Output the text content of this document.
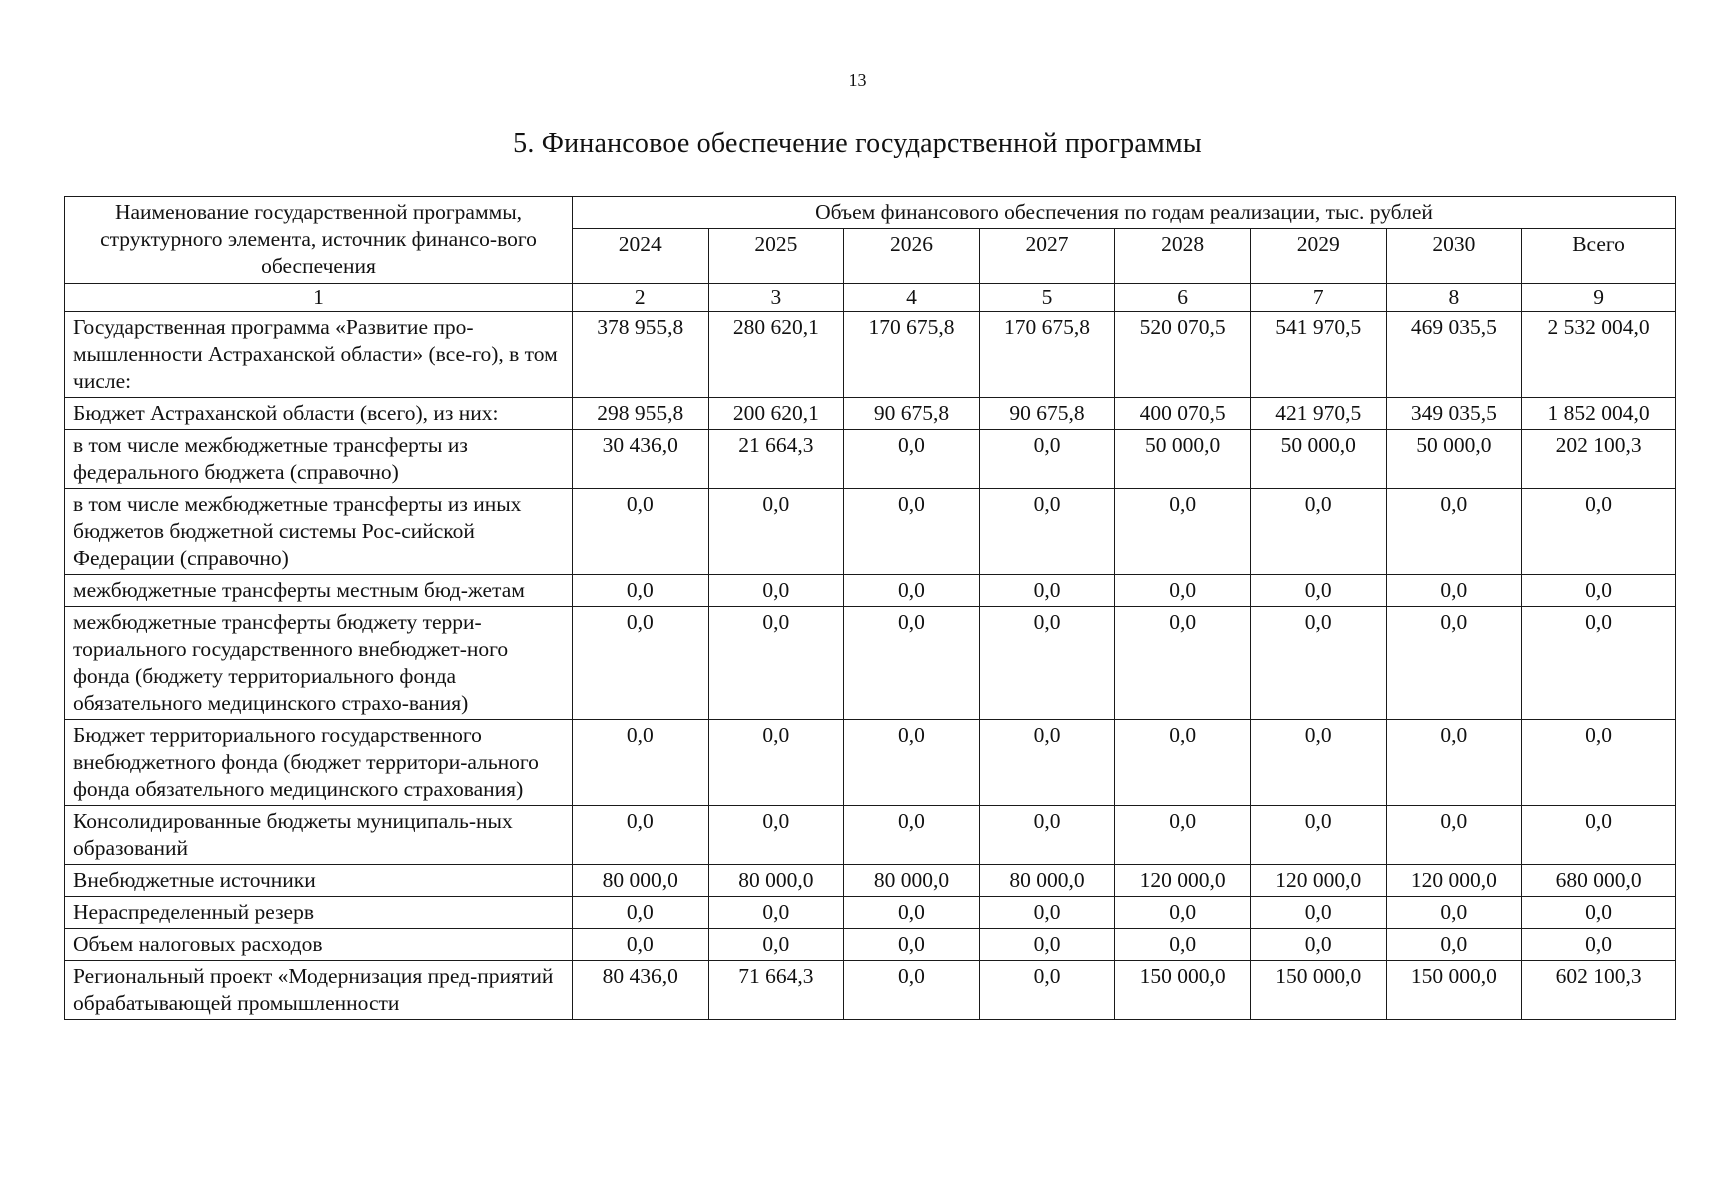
13
5. Финансовое обеспечение государственной программы
Наименование государственной программы, структурного элемента, источник финансо-вого обеспечения	Объем финансового обеспечения по годам реализации, тыс. рублей							
	2024	2025	2026	2027	2028	2029	2030	Всего
1	2	3	4	5	6	7	8	9
Государственная программа «Развитие про-мышленности Астраханской области» (все-го), в том числе:	378 955,8	280 620,1	170 675,8	170 675,8	520 070,5	541 970,5	469 035,5	2 532 004,0
Бюджет Астраханской области (всего), из них:	298 955,8	200 620,1	90 675,8	90 675,8	400 070,5	421 970,5	349 035,5	1 852 004,0
в том числе межбюджетные трансферты из федерального бюджета (справочно)	30 436,0	21 664,3	0,0	0,0	50 000,0	50 000,0	50 000,0	202 100,3
в том числе межбюджетные трансферты из иных бюджетов бюджетной системы Рос-сийской Федерации (справочно)	0,0	0,0	0,0	0,0	0,0	0,0	0,0	0,0
межбюджетные трансферты местным бюд-жетам	0,0	0,0	0,0	0,0	0,0	0,0	0,0	0,0
межбюджетные трансферты бюджету терри-ториального государственного внебюджет-ного фонда (бюджету территориального фонда обязательного медицинского страхо-вания)	0,0	0,0	0,0	0,0	0,0	0,0	0,0	0,0
Бюджет территориального государственного внебюджетного фонда (бюджет территори-ального фонда обязательного медицинского страхования)	0,0	0,0	0,0	0,0	0,0	0,0	0,0	0,0
Консолидированные бюджеты муниципаль-ных образований	0,0	0,0	0,0	0,0	0,0	0,0	0,0	0,0
Внебюджетные источники	80 000,0	80 000,0	80 000,0	80 000,0	120 000,0	120 000,0	120 000,0	680 000,0
Нераспределенный резерв	0,0	0,0	0,0	0,0	0,0	0,0	0,0	0,0
Объем налоговых расходов	0,0	0,0	0,0	0,0	0,0	0,0	0,0	0,0
Региональный проект «Модернизация пред-приятий обрабатывающей промышленности	80 436,0	71 664,3	0,0	0,0	150 000,0	150 000,0	150 000,0	602 100,3
